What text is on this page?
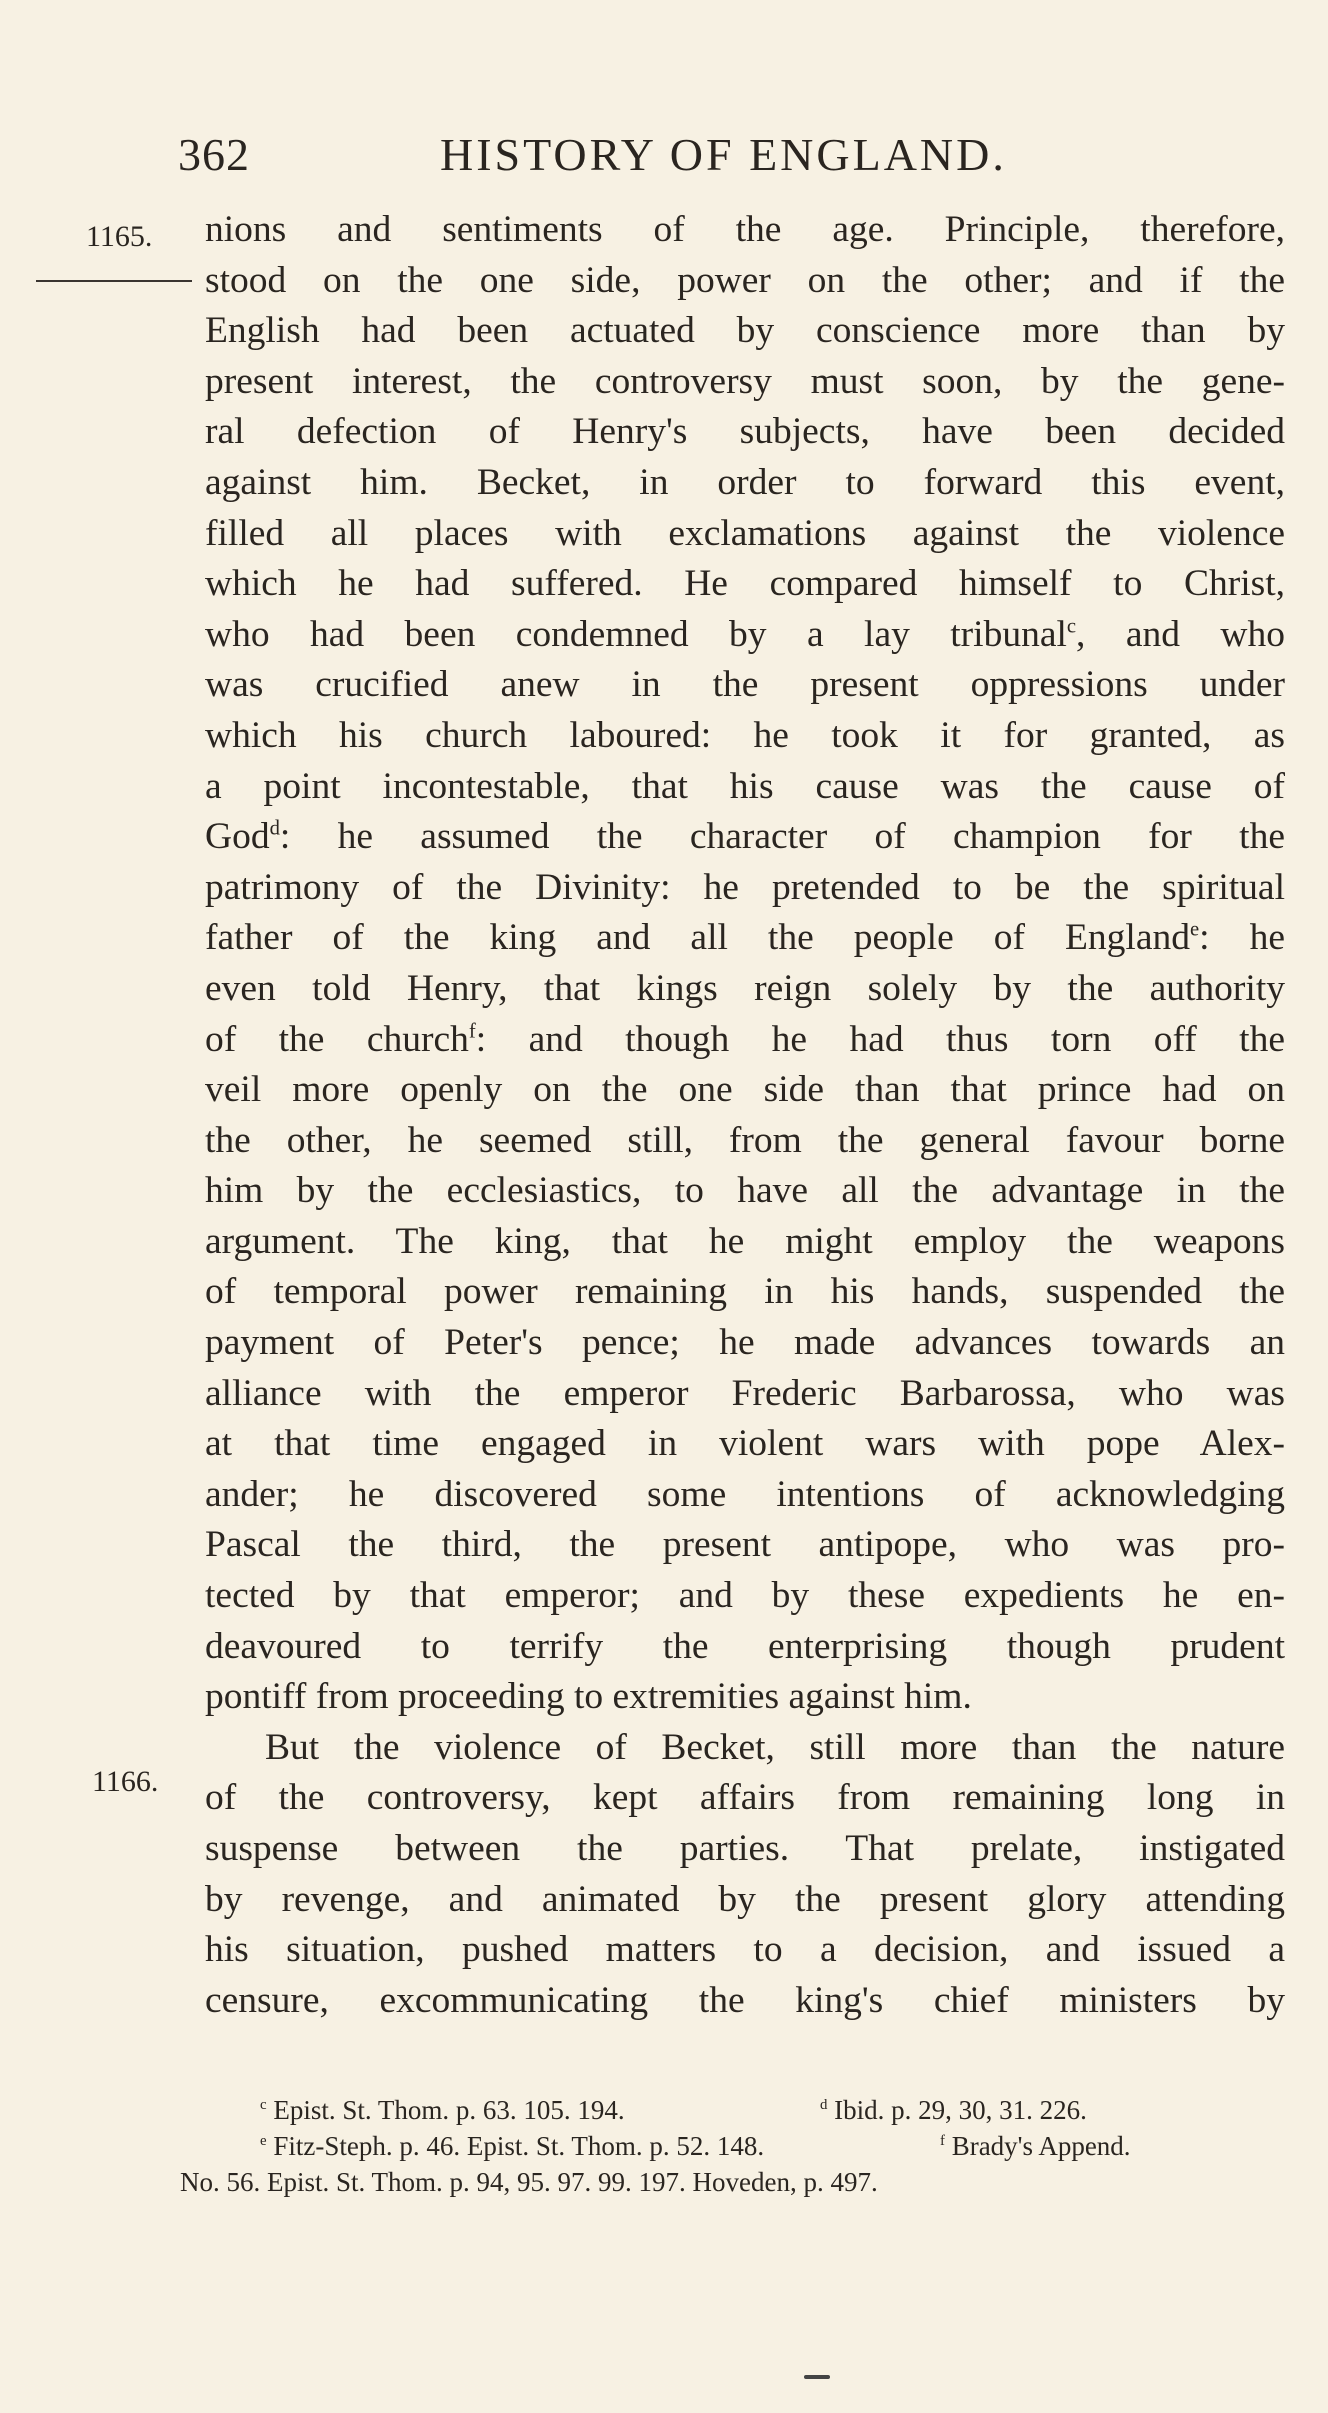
362	HISTORY OF ENGLAND.
1165.
1166.
nions and sentiments of the age. Principle, therefore,
stood on the one side, power on the other; and if the
English had been actuated by conscience more than by
present interest, the controversy must soon, by the gene-
ral defection of Henry's subjects, have been decided
against him. Becket, in order to forward this event,
filled all places with exclamations against the violence
which he had suffered. He compared himself to Christ,
who had been condemned by a lay tribunal$^c$, and who
was crucified anew in the present oppressions under
which his church laboured: he took it for granted, as
a point incontestable, that his cause was the cause of
God$^d$: he assumed the character of champion for the
patrimony of the Divinity: he pretended to be the spiritual
father of the king and all the people of England$^e$: he
even told Henry, that kings reign solely by the authority
of the church$^f$: and though he had thus torn off the
veil more openly on the one side than that prince had on
the other, he seemed still, from the general favour borne
him by the ecclesiastics, to have all the advantage in the
argument. The king, that he might employ the weapons
of temporal power remaining in his hands, suspended the
payment of Peter's pence; he made advances towards an
alliance with the emperor Frederic Barbarossa, who was
at that time engaged in violent wars with pope Alex-
ander; he discovered some intentions of acknowledging
Pascal the third, the present antipope, who was pro-
tected by that emperor; and by these expedients he en-
deavoured to terrify the enterprising though prudent
pontiff from proceeding to extremities against him.
But the violence of Becket, still more than the nature
of the controversy, kept affairs from remaining long in
suspense between the parties. That prelate, instigated
by revenge, and animated by the present glory attending
his situation, pushed matters to a decision, and issued a
censure, excommunicating the king's chief ministers by
$^c$ Epist. St. Thom. p. 63. 105. 194.	$^d$ Ibid. p. 29, 30, 31. 226.
$^e$ Fitz-Steph. p. 46. Epist. St. Thom. p. 52. 148.	$^f$ Brady's Append.
No. 56. Epist. St. Thom. p. 94, 95. 97. 99. 197. Hoveden, p. 497.
